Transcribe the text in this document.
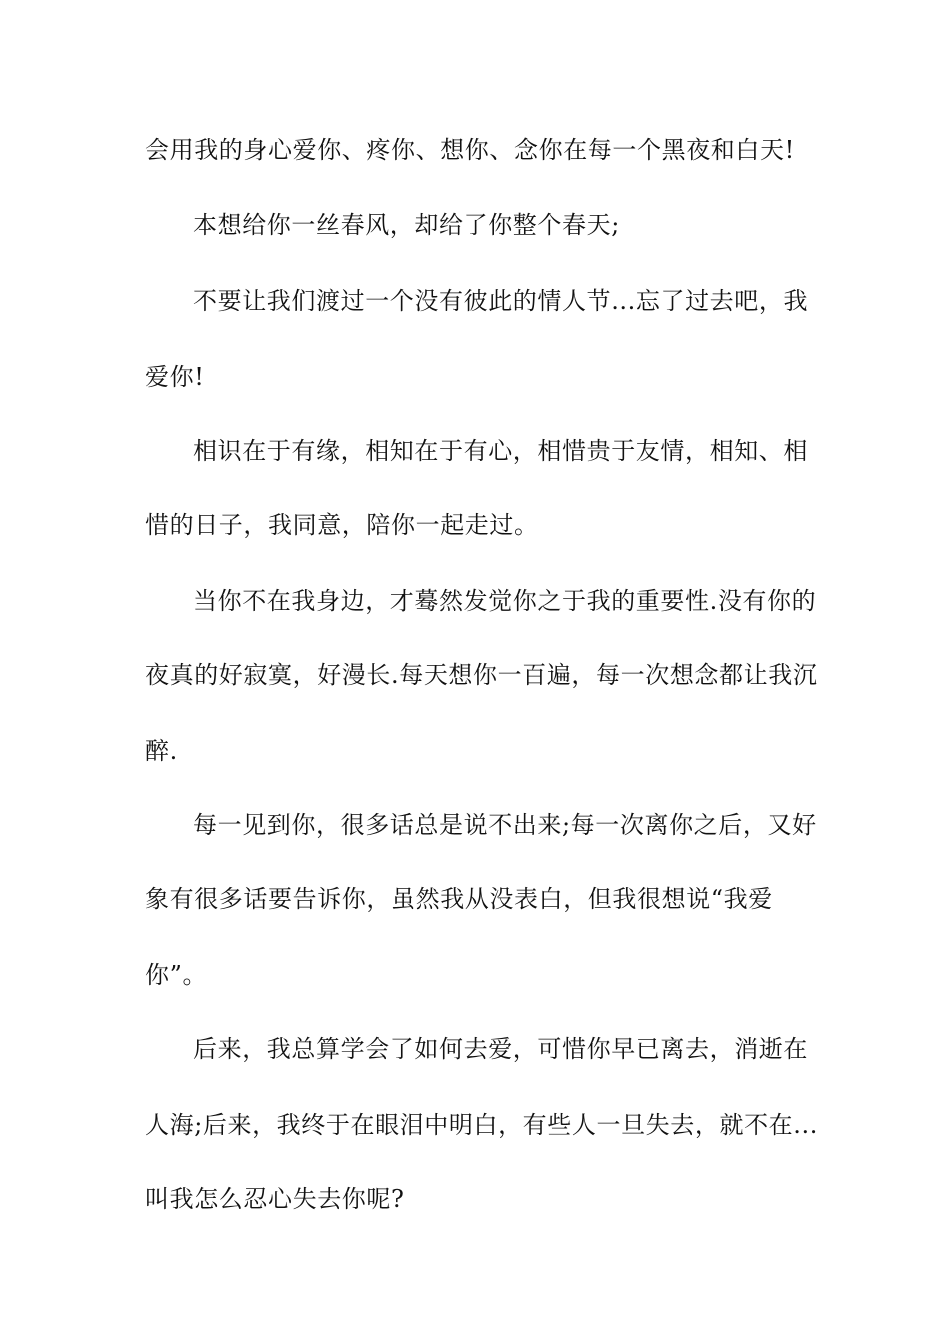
会用我的身心爱你、疼你、想你、念你在每一个黑夜和白天!
本想给你一丝春风，却给了你整个春天;
不要让我们渡过一个没有彼此的情人节...忘了过去吧，我
爱你!
相识在于有缘，相知在于有心，相惜贵于友情，相知、相
惜的日子，我同意，陪你一起走过。
当你不在我身边，才蓦然发觉你之于我的重要性.没有你的
夜真的好寂寞，好漫长.每天想你一百遍，每一次想念都让我沉
醉.
每一见到你，很多话总是说不出来;每一次离你之后，又好
象有很多话要告诉你，虽然我从没表白，但我很想说“我爱
你”。
后来，我总算学会了如何去爱，可惜你早已离去，消逝在
人海;后来，我终于在眼泪中明白，有些人一旦失去，就不在...
叫我怎么忍心失去你呢?
